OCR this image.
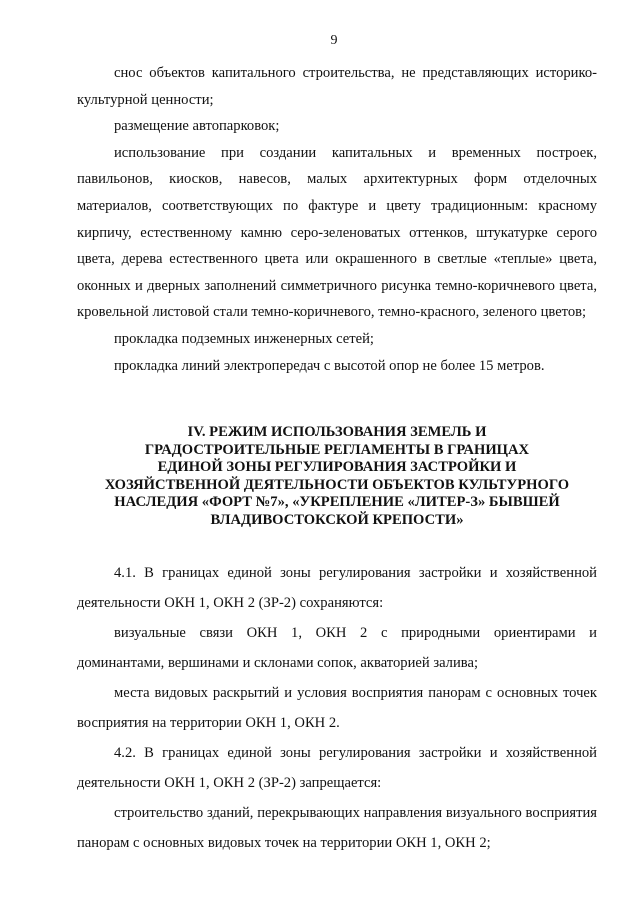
9

снос объектов капитального строительства, не представляющих историко-культурной ценности;

размещение автопарковок;

использование при создании капитальных и временных построек, павильонов, киосков, навесов, малых архитектурных форм отделочных материалов, соответствующих по фактуре и цвету традиционным: красному кирпичу, естественному камню серо-зеленоватых оттенков, штукатурке серого цвета, дерева естественного цвета или окрашенного в светлые «теплые» цвета, оконных и дверных заполнений симметричного рисунка темно-коричневого цвета, кровельной листовой стали темно-коричневого, темно-красного, зеленого цветов;

прокладка подземных инженерных сетей;

прокладка линий электропередач с высотой опор не более 15 метров.

IV. РЕЖИМ ИСПОЛЬЗОВАНИЯ ЗЕМЕЛЬ И
ГРАДОСТРОИТЕЛЬНЫЕ РЕГЛАМЕНТЫ В ГРАНИЦАХ
ЕДИНОЙ ЗОНЫ РЕГУЛИРОВАНИЯ ЗАСТРОЙКИ И
ХОЗЯЙСТВЕННОЙ ДЕЯТЕЛЬНОСТИ ОБЪЕКТОВ КУЛЬТУРНОГО
НАСЛЕДИЯ «ФОРТ №7», «УКРЕПЛЕНИЕ «ЛИТЕР-З» БЫВШЕЙ
ВЛАДИВОСТОКСКОЙ КРЕПОСТИ»

4.1. В границах единой зоны регулирования застройки и хозяйственной деятельности ОКН 1, ОКН 2 (ЗР-2) сохраняются:

визуальные связи ОКН 1, ОКН 2 с природными ориентирами и доминантами, вершинами и склонами сопок, акваторией залива;

места видовых раскрытий и условия восприятия панорам с основных точек восприятия на территории ОКН 1, ОКН 2.

4.2. В границах единой зоны регулирования застройки и хозяйственной деятельности ОКН 1, ОКН 2 (ЗР-2) запрещается:

строительство зданий, перекрывающих направления визуального восприятия панорам с основных видовых точек на территории ОКН 1, ОКН 2;
